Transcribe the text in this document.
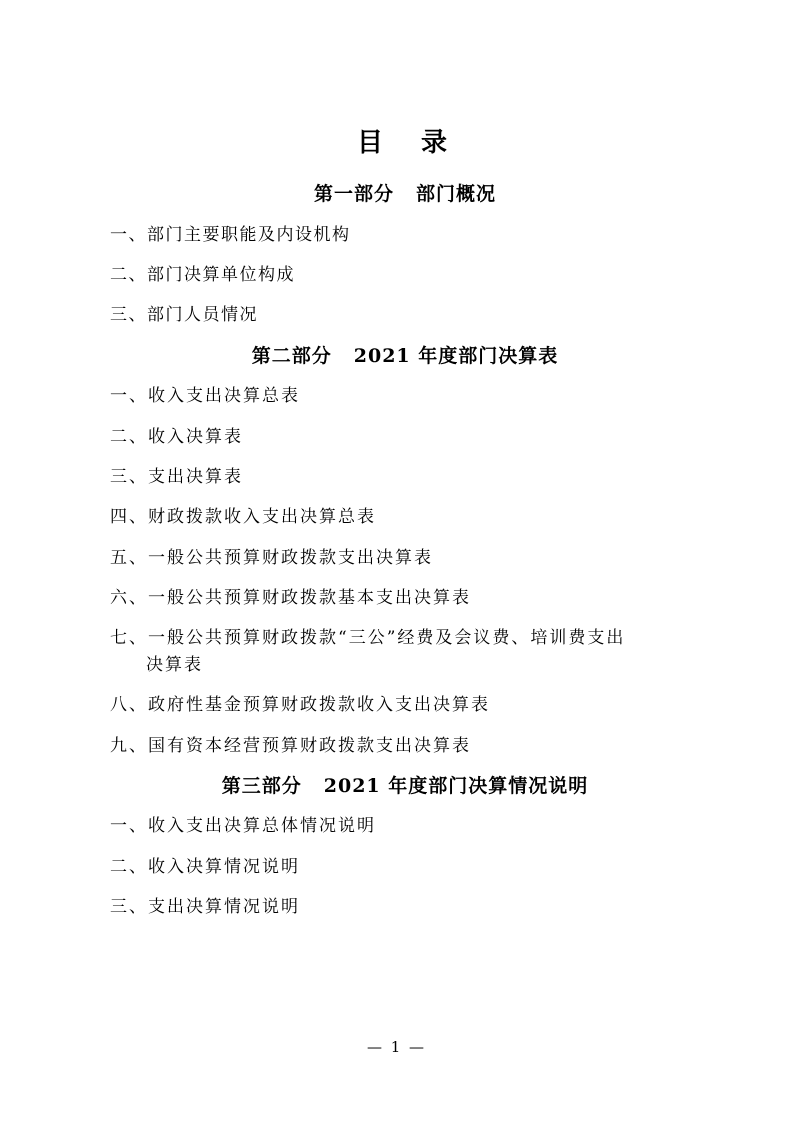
目　录
第一部分 部门概况
一、部门主要职能及内设机构
二、部门决算单位构成
三、部门人员情况
第二部分 2021 年度部门决算表
一、收入支出决算总表
二、收入决算表
三、支出决算表
四、财政拨款收入支出决算总表
五、一般公共预算财政拨款支出决算表
六、一般公共预算财政拨款基本支出决算表
七、一般公共预算财政拨款“三公”经费及会议费、培训费支出
决算表
八、政府性基金预算财政拨款收入支出决算表
九、国有资本经营预算财政拨款支出决算表
第三部分 2021 年度部门决算情况说明
一、收入支出决算总体情况说明
二、收入决算情况说明
三、支出决算情况说明
— 1 —
